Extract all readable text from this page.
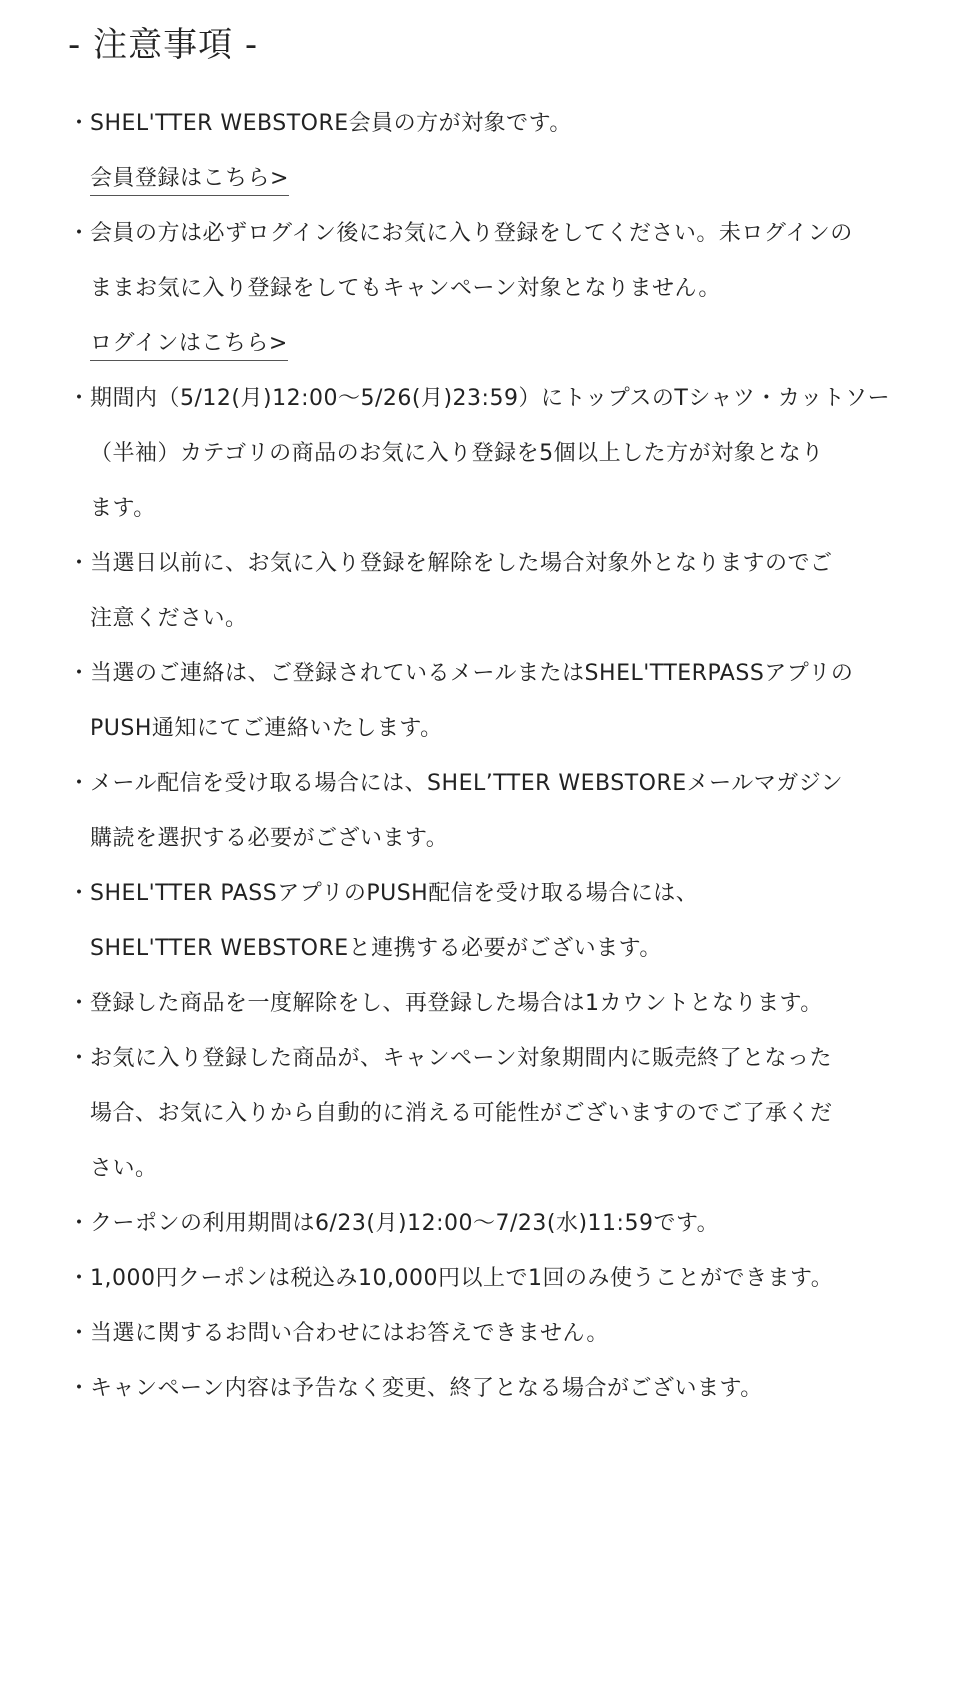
- 注意事項 -
・ SHEL'TTER WEBSTORE会員の方が対象です。
会員登録はこちら>
・ 会員の方は必ずログイン後にお気に入り登録をしてください。未ログインの
ままお気に入り登録をしてもキャンペーン対象となりません。
ログインはこちら>
・ 期間内（5/12(月)12:00～5/26(月)23:59）にトップスのTシャツ・カットソー
（半袖）カテゴリの商品のお気に入り登録を5個以上した方が対象となり
ます。
・ 当選日以前に、お気に入り登録を解除をした場合対象外となりますのでご
注意ください。
・ 当選のご連絡は、ご登録されているメールまたはSHEL'TTERPASSアプリの
PUSH通知にてご連絡いたします。
・ メール配信を受け取る場合には、SHEL’TTER WEBSTOREメールマガジン
購読を選択する必要がございます。
・ SHEL'TTER PASSアプリのPUSH配信を受け取る場合には、
SHEL'TTER WEBSTOREと連携する必要がございます。
・ 登録した商品を一度解除をし、再登録した場合は1カウントとなります。
・ お気に入り登録した商品が、キャンペーン対象期間内に販売終了となった
場合、お気に入りから自動的に消える可能性がございますのでご了承くだ
さい。
・ クーポンの利用期間は6/23(月)12:00～7/23(水)11:59です。
・ 1,000円クーポンは税込み10,000円以上で1回のみ使うことができます。
・ 当選に関するお問い合わせにはお答えできません。
・ キャンペーン内容は予告なく変更、終了となる場合がございます。
